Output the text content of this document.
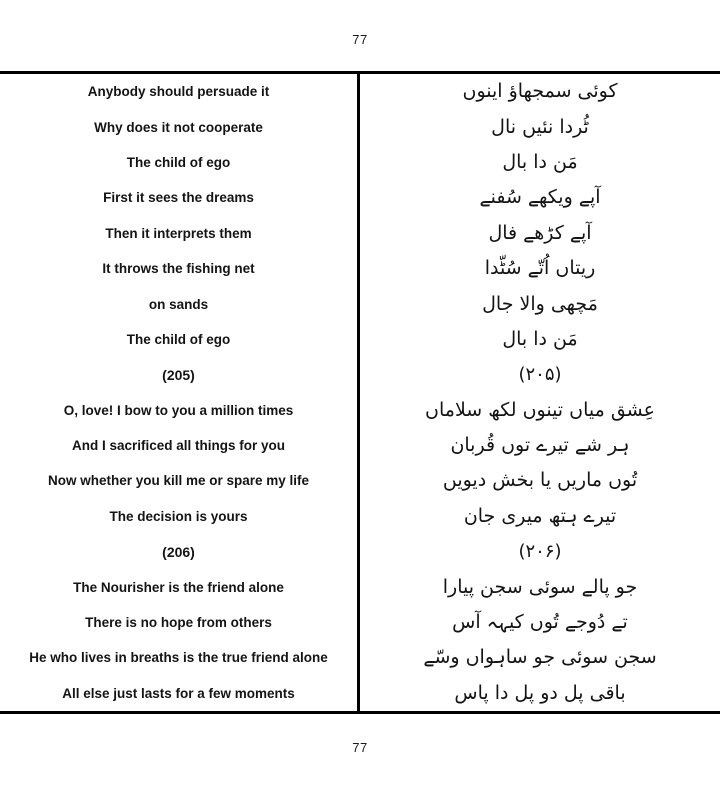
77
Anybody should persuade it	کوئی سمجھاؤ اینوں
Why does it not cooperate	ٹُردا نئیں نال
The child of ego	مَن دا بال
First it sees the dreams	آپے ویکھے سُفنے
Then it interprets them	آپے کڑھے فال
It throws the fishing net	ریتاں اُتّے سُٹّدا
on sands	مَچھی والا جال
The child of ego	مَن دا بال
(205)	(۲۰۵)
O, love! I bow to you a million times	عِشق میاں تینوں لکھ سلاماں
And I sacrificed all things for you	ہر شے تیرے توں قُربان
Now whether you kill me or spare my life	تُوں ماریں یا بخش دیویں
The decision is yours	تیرے ہتھ میری جان
(206)	(۲۰۶)
The Nourisher is the friend alone	جو پالے سوئی سجن پیارا
There is no hope from others	تے دُوجے تُوں کیہہ آس
He who lives in breaths is the true friend alone	سجن سوئی جو ساہواں وسّے
All else just lasts for a few moments	باقی پل دو پل دا پاس
77
